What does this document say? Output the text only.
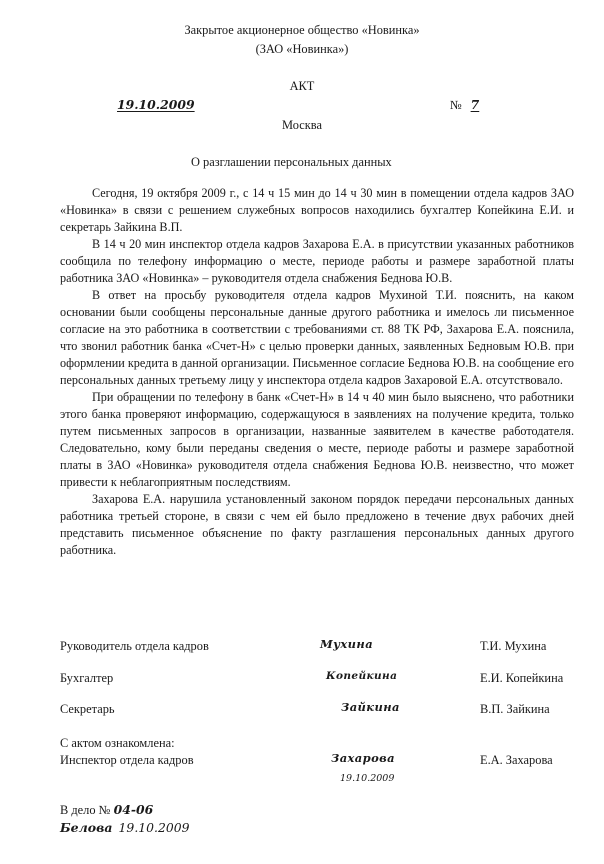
Закрытое акционерное общество «Новинка»
(ЗАО «Новинка»)
АКТ
19.10.2009	№ 7
Москва
О разглашении персональных данных

Сегодня, 19 октября 2009 г., с 14 ч 15 мин до 14 ч 30 мин в помещении отдела кадров ЗАО «Новинка» в связи с решением служебных вопросов находились бухгалтер Копейкина Е.И. и секретарь Зайкина В.П.

В 14 ч 20 мин инспектор отдела кадров Захарова Е.А. в присутствии указанных работников сообщила по телефону информацию о месте, периоде работы и размере заработной платы работника ЗАО «Новинка» – руководителя отдела снабжения Беднова Ю.В.

В ответ на просьбу руководителя отдела кадров Мухиной Т.И. пояснить, на каком основании были сообщены персональные данные другого работника и имелось ли письменное согласие на это работника в соответствии с требованиями ст. 88 ТК РФ, Захарова Е.А. пояснила, что звонил работник банка «Счет-Н» с целью проверки данных, заявленных Бедновым Ю.В. при оформлении кредита в данной организации. Письменное согласие Беднова Ю.В. на сообщение его персональных данных третьему лицу у инспектора отдела кадров Захаровой Е.А. отсутствовало.

При обращении по телефону в банк «Счет-Н» в 14 ч 40 мин было выяснено, что работники этого банка проверяют информацию, содержащуюся в заявлениях на получение кредита, только путем письменных запросов в организации, названные заявителем в качестве работодателя. Следовательно, кому были переданы сведения о месте, периоде работы и размере заработной платы в ЗАО «Новинка» руководителя отдела снабжения Беднова Ю.В. неизвестно, что может привести к неблагоприятным последствиям.

Захарова Е.А. нарушила установленный законом порядок передачи персональных данных работника третьей стороне, в связи с чем ей было предложено в течение двух рабочих дней представить письменное объяснение по факту разглашения персональных данных другого работника.

Руководитель отдела кадров	Мухина	Т.И. Мухина
Бухгалтер	Копейкина	Е.И. Копейкина
Секретарь	Зайкина	В.П. Зайкина
С актом ознакомлена:
Инспектор отдела кадров	Захарова	Е.А. Захарова
19.10.2009
В дело № 04-06
Белова 19.10.2009
